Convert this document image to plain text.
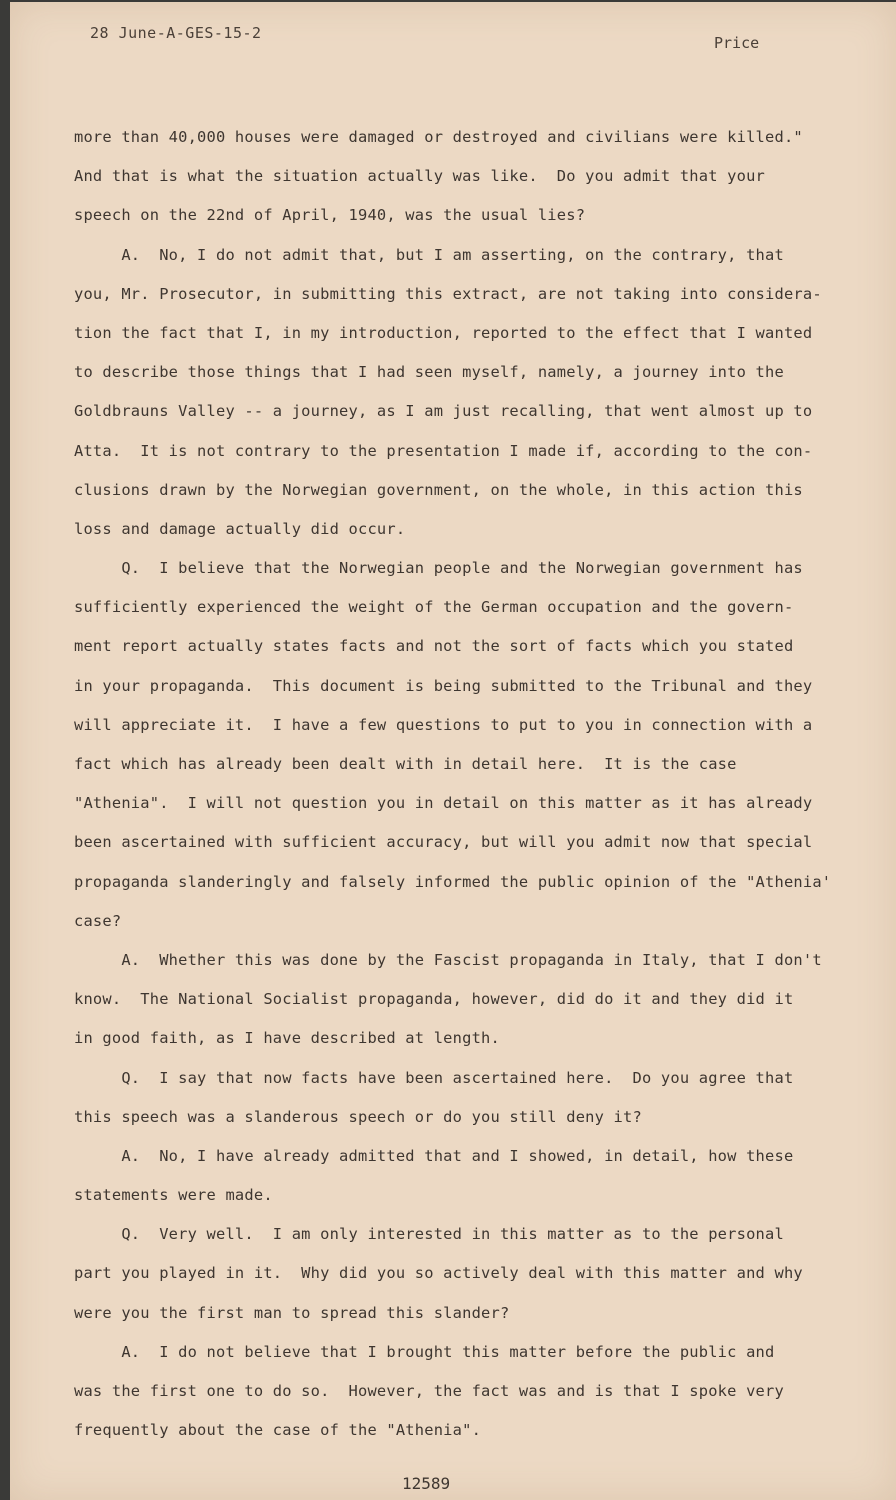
28 June-A-GES-15-2
Price
more than 40,000 houses were damaged or destroyed and civilians were killed."
And that is what the situation actually was like.  Do you admit that your
speech on the 22nd of April, 1940, was the usual lies?
A.  No, I do not admit that, but I am asserting, on the contrary, that
you, Mr. Prosecutor, in submitting this extract, are not taking into considera-
tion the fact that I, in my introduction, reported to the effect that I wanted
to describe those things that I had seen myself, namely, a journey into the
Goldbrauns Valley -- a journey, as I am just recalling, that went almost up to
Atta.  It is not contrary to the presentation I made if, according to the con-
clusions drawn by the Norwegian government, on the whole, in this action this
loss and damage actually did occur.
Q.  I believe that the Norwegian people and the Norwegian government has
sufficiently experienced the weight of the German occupation and the govern-
ment report actually states facts and not the sort of facts which you stated
in your propaganda.  This document is being submitted to the Tribunal and they
will appreciate it.  I have a few questions to put to you in connection with a
fact which has already been dealt with in detail here.  It is the case
"Athenia".  I will not question you in detail on this matter as it has already
been ascertained with sufficient accuracy, but will you admit now that special
propaganda slanderingly and falsely informed the public opinion of the "Athenia'
case?
A.  Whether this was done by the Fascist propaganda in Italy, that I don't
know.  The National Socialist propaganda, however, did do it and they did it
in good faith, as I have described at length.
Q.  I say that now facts have been ascertained here.  Do you agree that
this speech was a slanderous speech or do you still deny it?
A.  No, I have already admitted that and I showed, in detail, how these
statements were made.
Q.  Very well.  I am only interested in this matter as to the personal
part you played in it.  Why did you so actively deal with this matter and why
were you the first man to spread this slander?
A.  I do not believe that I brought this matter before the public and
was the first one to do so.  However, the fact was and is that I spoke very
frequently about the case of the "Athenia".
12589
